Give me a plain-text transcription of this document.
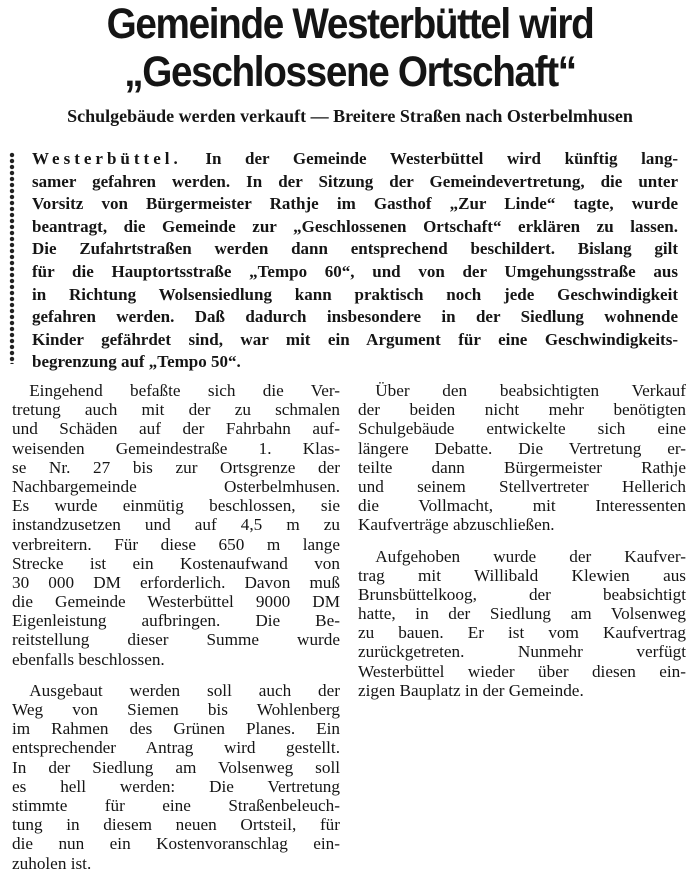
Gemeinde Westerbüttel wird
„Geschlossene Ortschaft“
Schulgebäude werden verkauft — Breitere Straßen nach Osterbelmhusen
Westerbüttel. In der Gemeinde Westerbüttel wird künftig lang-
samer gefahren werden. In der Sitzung der Gemeindevertretung, die unter
Vorsitz von Bürgermeister Rathje im Gasthof „Zur Linde“ tagte, wurde
beantragt, die Gemeinde zur „Geschlossenen Ortschaft“ erklären zu lassen.
Die Zufahrtstraßen werden dann entsprechend beschildert. Bislang gilt
für die Hauptortsstraße „Tempo 60“, und von der Umgehungsstraße aus
in Richtung Wolsensiedlung kann praktisch noch jede Geschwindigkeit
gefahren werden. Daß dadurch insbesondere in der Siedlung wohnende
Kinder gefährdet sind, war mit ein Argument für eine Geschwindigkeits-
begrenzung auf „Tempo 50“.
 Eingehend befaßte sich die Ver-
tretung auch mit der zu schmalen
und Schäden auf der Fahrbahn auf-
weisenden Gemeindestraße 1. Klas-
se Nr. 27 bis zur Ortsgrenze der
Nachbargemeinde Osterbelmhusen.
Es wurde einmütig beschlossen, sie
instandzusetzen und auf 4,5 m zu
verbreitern. Für diese 650 m lange
Strecke ist ein Kostenaufwand von
30 000 DM erforderlich. Davon muß
die Gemeinde Westerbüttel 9000 DM
Eigenleistung aufbringen. Die Be-
reitstellung dieser Summe wurde
ebenfalls beschlossen.
 Ausgebaut werden soll auch der
Weg von Siemen bis Wohlenberg
im Rahmen des Grünen Planes. Ein
entsprechender Antrag wird gestellt.
In der Siedlung am Volsenweg soll
es hell werden: Die Vertretung
stimmte für eine Straßenbeleuch-
tung in diesem neuen Ortsteil, für
die nun ein Kostenvoranschlag ein-
zuholen ist.
 Über den beabsichtigten Verkauf
der beiden nicht mehr benötigten
Schulgebäude entwickelte sich eine
längere Debatte. Die Vertretung er-
teilte dann Bürgermeister Rathje
und seinem Stellvertreter Hellerich
die Vollmacht, mit Interessenten
Kaufverträge abzuschließen.
 Aufgehoben wurde der Kaufver-
trag mit Willibald Klewien aus
Brunsbüttelkoog, der beabsichtigt
hatte, in der Siedlung am Volsenweg
zu bauen. Er ist vom Kaufvertrag
zurückgetreten. Nunmehr verfügt
Westerbüttel wieder über diesen ein-
zigen Bauplatz in der Gemeinde.
